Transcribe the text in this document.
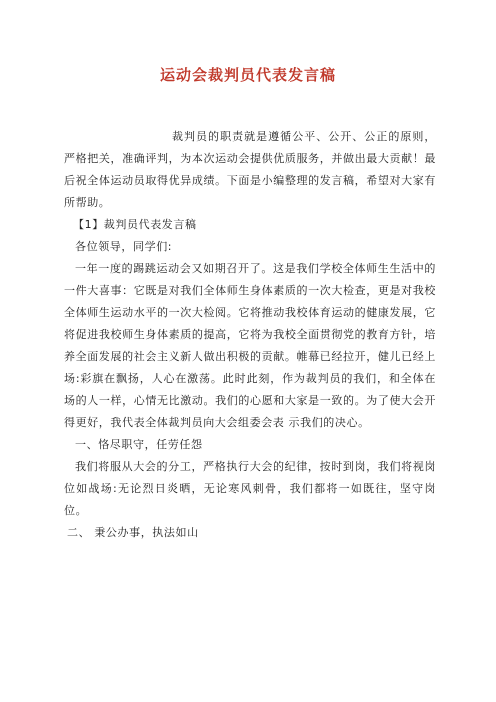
运动会裁判员代表发言稿

裁判员的职责就是遵循公平、公开、公正的原则，严格把关，准确评判，为本次运动会提供优质服务，并做出最大贡献！最后祝全体运动员取得优异成绩。下面是小编整理的发言稿，希望对大家有所帮助。

【1】裁判员代表发言稿

各位领导，同学们:

一年一度的踢跳运动会又如期召开了。这是我们学校全体师生生活中的一件大喜事：它既是对我们全体师生身体素质的一次大检查，更是对我校全体师生运动水平的一次大检阅。它将推动我校体育运动的健康发展，它将促进我校师生身体素质的提高，它将为我校全面贯彻党的教育方针，培养全面发展的社会主义新人做出积极的贡献。帷幕已经拉开，健儿已经上场:彩旗在飘扬，人心在激荡。此时此刻，作为裁判员的我们，和全体在场的人一样，心情无比激动。我们的心愿和大家是一致的。为了使大会开得更好，我代表全体裁判员向大会组委会表 示我们的决心。

一、恪尽职守，任劳任怨

我们将服从大会的分工，严格执行大会的纪律，按时到岗，我们将视岗位如战场:无论烈日炎晒，无论寒风刺骨，我们都将一如既往，坚守岗位。

二、 秉公办事，执法如山
